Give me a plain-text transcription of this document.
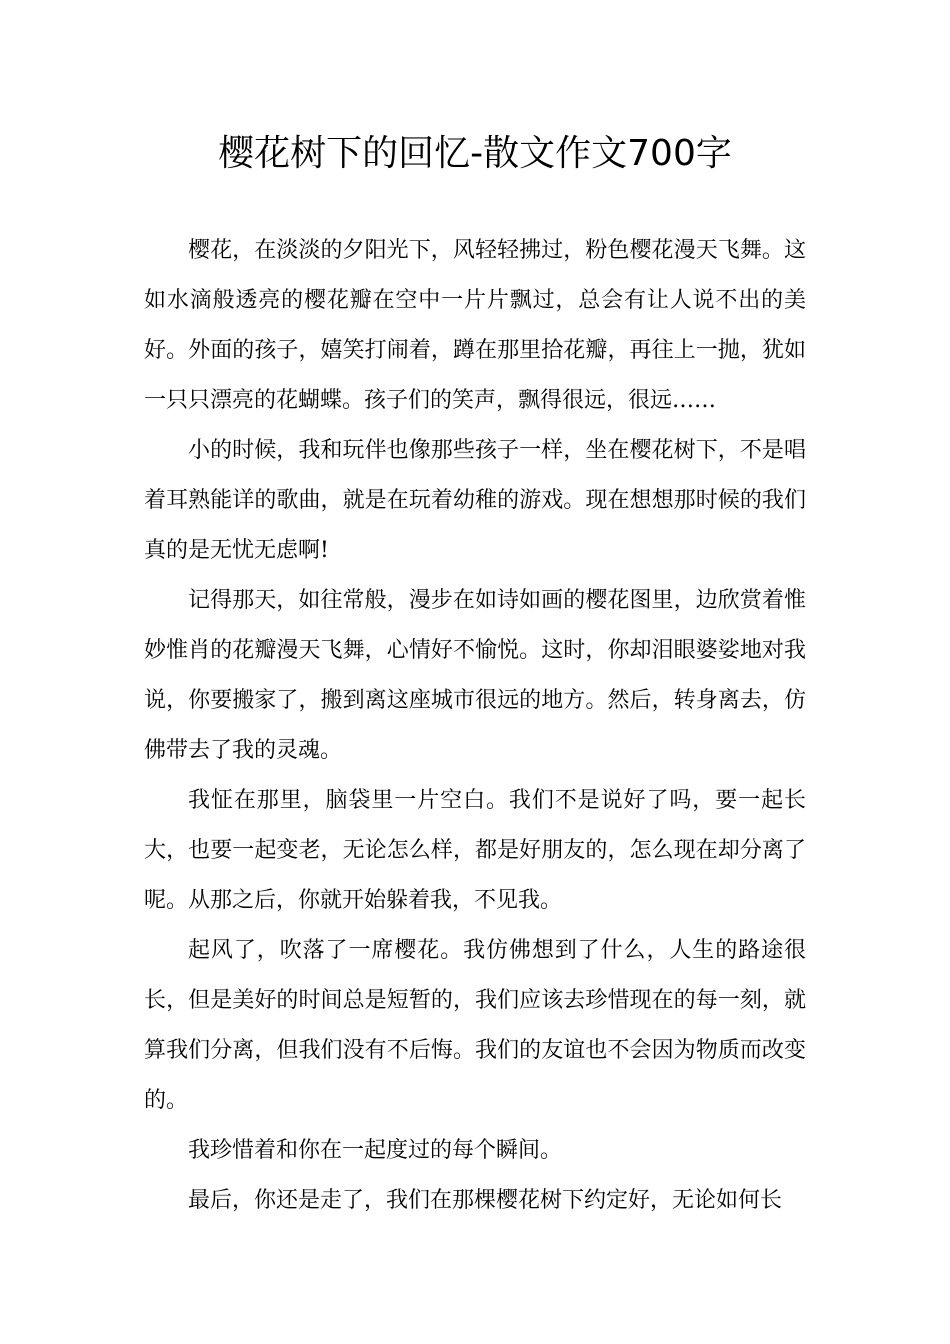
樱花树下的回忆-散文作文700字

樱花，在淡淡的夕阳光下，风轻轻拂过，粉色樱花漫天飞舞。这如水滴般透亮的樱花瓣在空中一片片飘过，总会有让人说不出的美好。外面的孩子，嬉笑打闹着，蹲在那里拾花瓣，再往上一抛，犹如一只只漂亮的花蝴蝶。孩子们的笑声，飘得很远，很远……

小的时候，我和玩伴也像那些孩子一样，坐在樱花树下，不是唱着耳熟能详的歌曲，就是在玩着幼稚的游戏。现在想想那时候的我们真的是无忧无虑啊!

记得那天，如往常般，漫步在如诗如画的樱花图里，边欣赏着惟妙惟肖的花瓣漫天飞舞，心情好不愉悦。这时，你却泪眼婆娑地对我说，你要搬家了，搬到离这座城市很远的地方。然后，转身离去，仿佛带去了我的灵魂。

我怔在那里，脑袋里一片空白。我们不是说好了吗，要一起长大，也要一起变老，无论怎么样，都是好朋友的，怎么现在却分离了呢。从那之后，你就开始躲着我，不见我。

起风了，吹落了一席樱花。我仿佛想到了什么，人生的路途很长，但是美好的时间总是短暂的，我们应该去珍惜现在的每一刻，就算我们分离，但我们没有不后悔。我们的友谊也不会因为物质而改变的。

我珍惜着和你在一起度过的每个瞬间。

最后，你还是走了，我们在那棵樱花树下约定好，无论如何长
